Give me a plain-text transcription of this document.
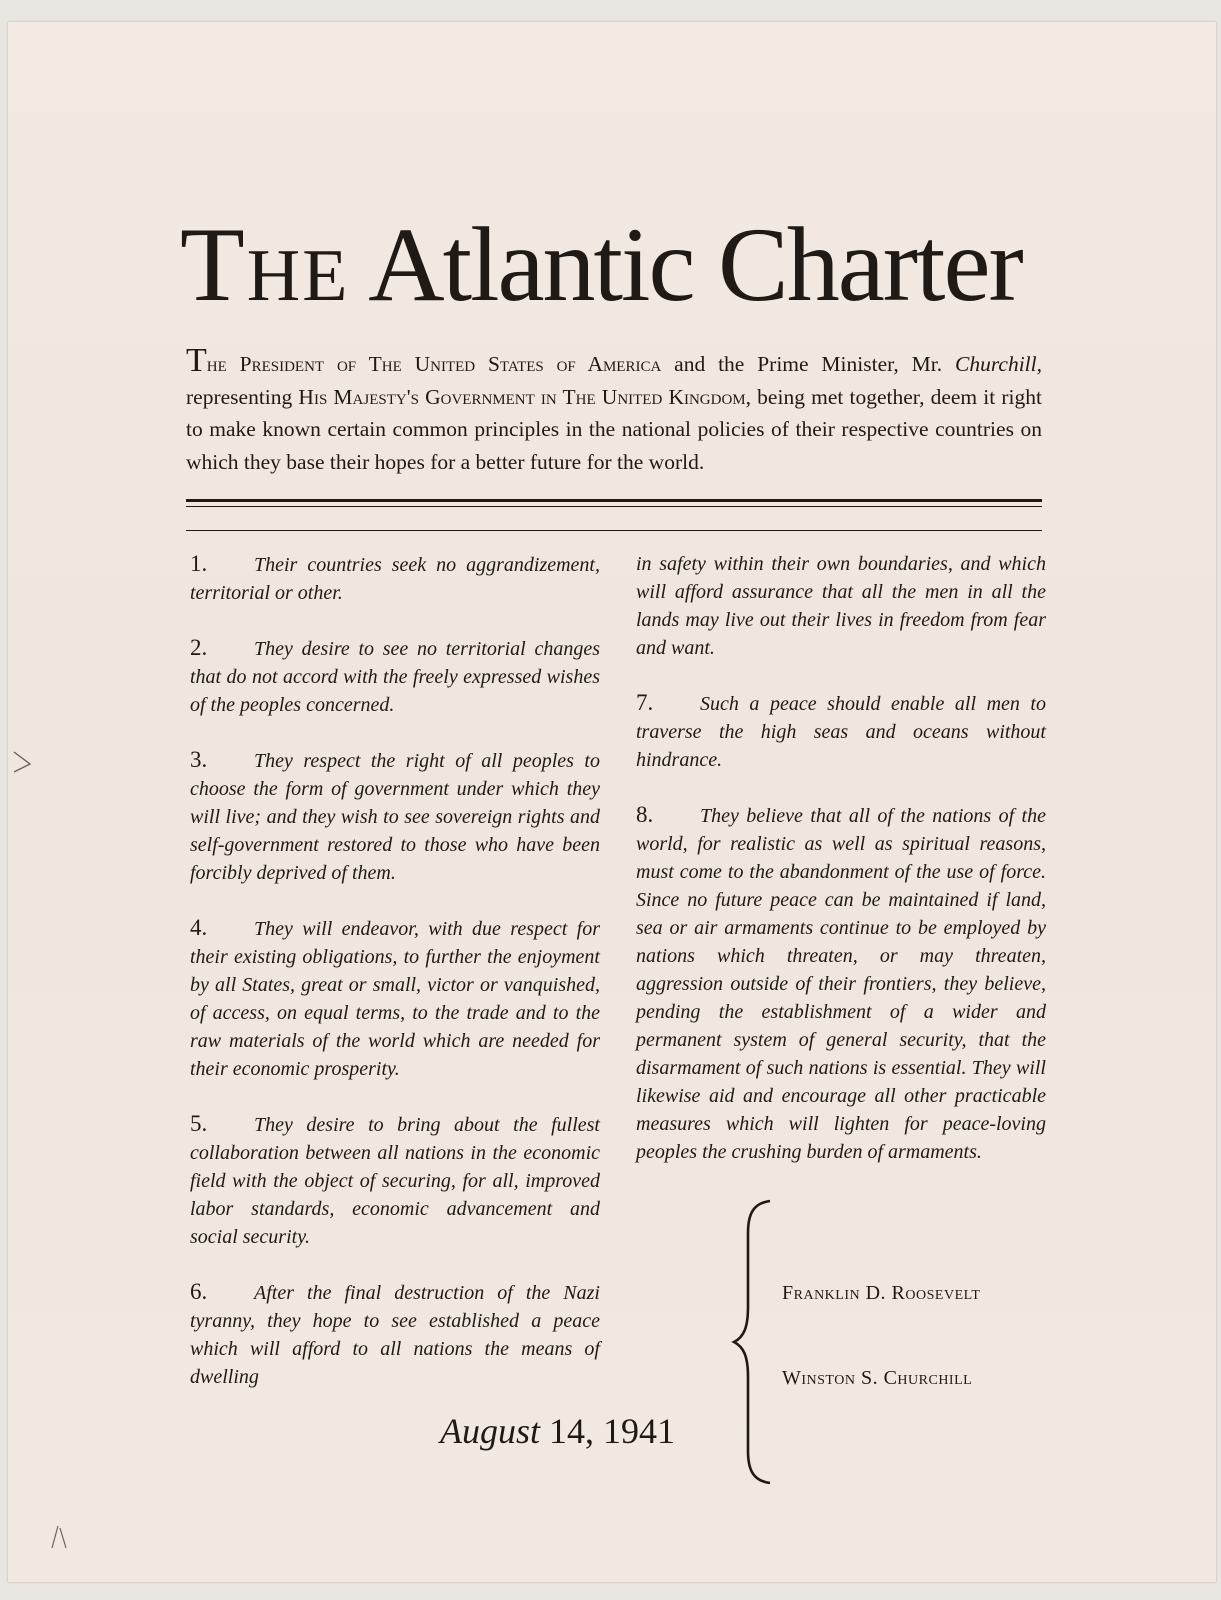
The Atlantic Charter
The President of The United States of America and the Prime Minister, Mr. Churchill, representing His Majesty's Government in The United Kingdom, being met together, deem it right to make known certain common principles in the national policies of their respective countries on which they base their hopes for a better future for the world.

1. Their countries seek no aggrandizement, territorial or other.

2. They desire to see no territorial changes that do not accord with the freely expressed wishes of the peoples concerned.

3. They respect the right of all peoples to choose the form of government under which they will live; and they wish to see sovereign rights and self-government restored to those who have been forcibly deprived of them.

4. They will endeavor, with due respect for their existing obligations, to further the enjoyment by all States, great or small, victor or vanquished, of access, on equal terms, to the trade and to the raw materials of the world which are needed for their economic prosperity.

5. They desire to bring about the fullest collaboration between all nations in the economic field with the object of securing, for all, improved labor standards, economic advancement and social security.

6. After the final destruction of the Nazi tyranny, they hope to see established a peace which will afford to all nations the means of dwelling

in safety within their own boundaries, and which will afford assurance that all the men in all the lands may live out their lives in freedom from fear and want.

7. Such a peace should enable all men to traverse the high seas and oceans without hindrance.

8. They believe that all of the nations of the world, for realistic as well as spiritual reasons, must come to the abandonment of the use of force. Since no future peace can be maintained if land, sea or air armaments continue to be employed by nations which threaten, or may threaten, aggression outside of their frontiers, they believe, pending the establishment of a wider and permanent system of general security, that the disarmament of such nations is essential. They will likewise aid and encourage all other practicable measures which will lighten for peace-loving peoples the crushing burden of armaments.

Franklin D. Roosevelt
Winston S. Churchill
August 14, 1941
